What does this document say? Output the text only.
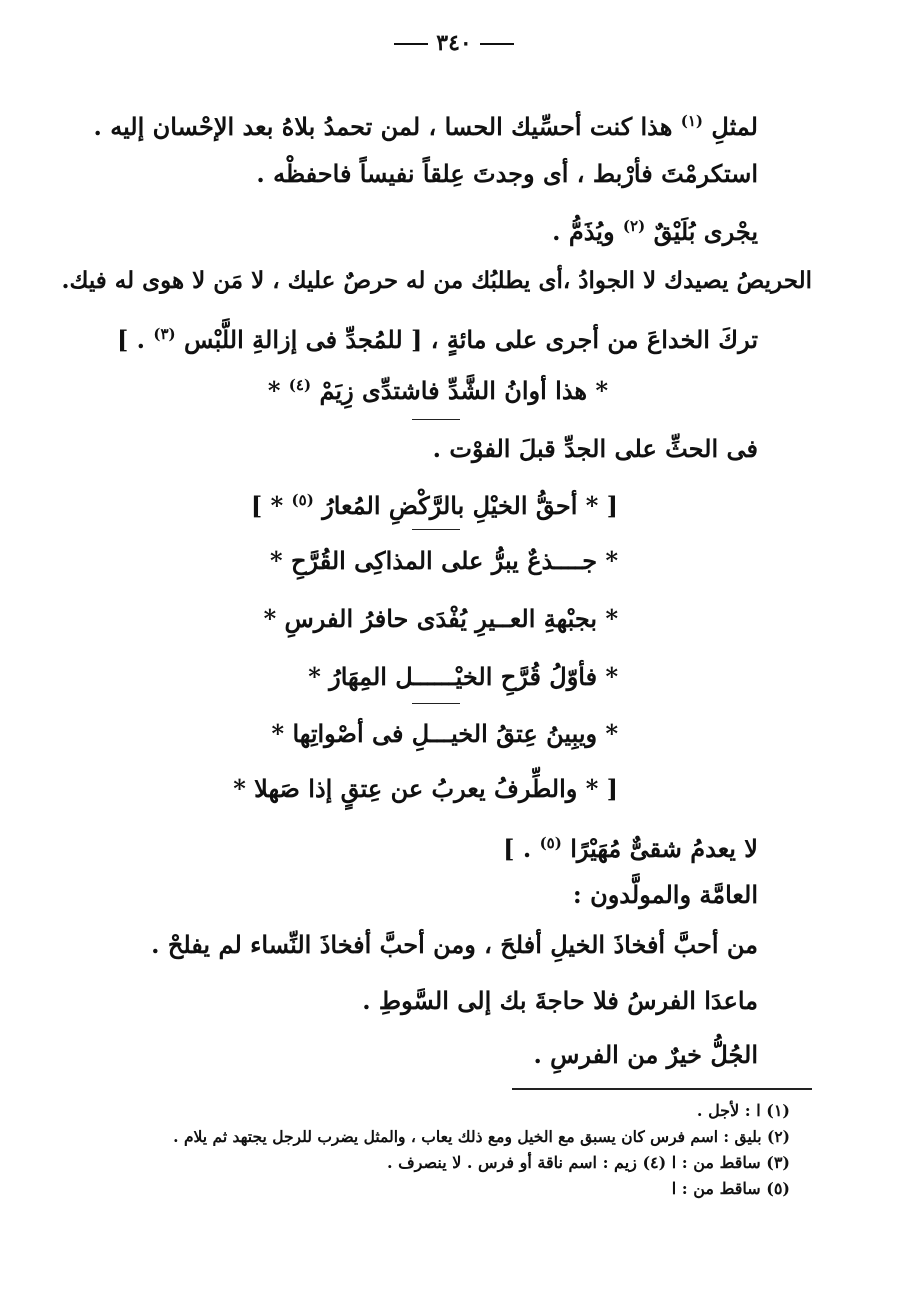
٣٤٠
لمثلِ $^{(١)}$ هذا كنت أحسِّيك الحسا ، لمن تحمدُ بلاهُ بعد الإحْسان إليه .
استكرمْتَ فأرْبط ، أى وجدتَ عِلقاً نفيساً فاحفظْه .
يجْرى بُلَيْقٌ $^{(٢)}$ ويُذَمُّ .
الحريصُ يصيدك لا الجوادُ ،أى يطلبُك من له حرصٌ عليك ، لا مَن لا هوى له فيك.
تركَ الخداعَ من أجرى على مائةٍ ، [ للمُجدِّ فى إزالةِ اللَّبْس $^{(٣)}$ . ]
* هذا أوانُ الشَّدِّ فاشتدِّى زِيَمْ $^{(٤)}$ *
فى الحثِّ على الجدِّ قبلَ الفوْت .
[ * أحقُّ الخيْلِ بالرَّكْضِ المُعارُ $^{(٥)}$ * ]
* جــــذعٌ يبرُّ على المذاكِى القُرَّحِ *
* بجبْهةِ العــيرِ يُفْدَى حافرُ الفرسِ *
* فأوّلُ قُرَّحِ الخيْــــــل المِهَارُ *
* ويبِينُ عِتقُ الخيـــلِ فى أصْواتِها *
[ * والطِّرفُ يعربُ عن عِتقٍ إذا صَهلا *
لا يعدمُ شقىٌّ مُهَيْرًا $^{(٥)}$ . ]
العامَّة والمولَّدون :
من أحبَّ أفخاذَ الخيلِ أفلحَ ، ومن أحبَّ أفخاذَ النِّساء لم يفلحْ .
ماعدَا الفرسُ فلا حاجةَ بك إلى السَّوطِ .
الجُلُّ خيرٌ من الفرسِ .
(١) ا : لأجل .
(٢) بليق : اسم فرس كان يسبق مع الخيل ومع ذلك يعاب ، والمثل يضرب للرجل يجتهد ثم يلام .
(٣) ساقط من : ا (٤) زيم : اسم ناقة أو فرس . لا ينصرف .
(٥) ساقط من : ا
